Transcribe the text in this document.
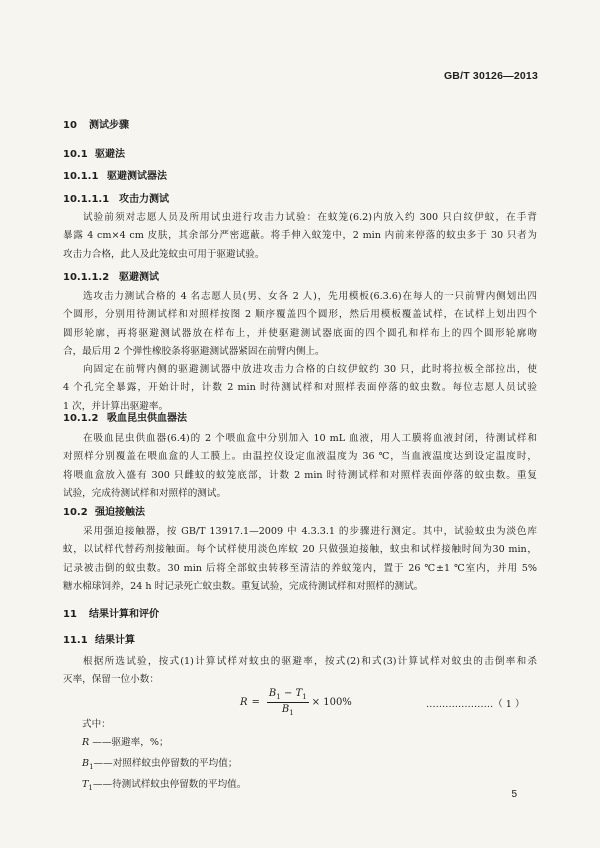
GB/T 30126—2013
10 测试步骤
10.1 驱避法
10.1.1 驱避测试器法
10.1.1.1 攻击力测试
试验前须对志愿人员及所用试虫进行攻击力试验：在蚊笼(6.2)内放入约 300 只白纹伊蚊，在手背
暴露 4 cm×4 cm 皮肤，其余部分严密遮蔽。将手伸入蚊笼中，2 min 内前来停落的蚊虫多于 30 只者为
攻击力合格，此人及此笼蚊虫可用于驱避试验。
10.1.1.2 驱避测试
选攻击力测试合格的 4 名志愿人员(男、女各 2 人)，先用模板(6.3.6)在每人的一只前臂内侧划出四
个圆形，分别用待测试样和对照样按图 2 顺序覆盖四个圆形，然后用模板覆盖试样，在试样上划出四个
圆形轮廓，再将驱避测试器放在样布上，并使驱避测试器底面的四个圆孔和样布上的四个圆形轮廓吻
合，最后用 2 个弹性橡胶条将驱避测试器紧固在前臂内侧上。
向固定在前臂内侧的驱避测试器中放进攻击力合格的白纹伊蚊约 30 只，此时将拉板全部拉出，使
4 个孔完全暴露，开始计时，计数 2 min 时待测试样和对照样表面停落的蚊虫数。每位志愿人员试验
1 次，并计算出驱避率。
10.1.2 吸血昆虫供血器法
在吸血昆虫供血器(6.4)的 2 个喂血盒中分别加入 10 mL 血液，用人工膜将血液封闭，待测试样和
对照样分别覆盖在喂血盒的人工膜上。由温控仪设定血液温度为 36 ℃，当血液温度达到设定温度时，
将喂血盒放入盛有 300 只雌蚊的蚊笼底部，计数 2 min 时待测试样和对照样表面停落的蚊虫数。重复
试验，完成待测试样和对照样的测试。
10.2 强迫接触法
采用强迫接触器，按 GB/T 13917.1—2009 中 4.3.3.1 的步骤进行测定。其中，试验蚊虫为淡色库
蚊，以试样代替药剂接触面。每个试样使用淡色库蚊 20 只做强迫接触，蚊虫和试样接触时间为30 min，
记录被击倒的蚊虫数。30 min 后将全部蚊虫转移至清洁的养蚊笼内，置于 26 ℃±1 ℃室内，并用 5%
糖水棉球饲养，24 h 时记录死亡蚊虫数。重复试验，完成待测试样和对照样的测试。
11 结果计算和评价
11.1 结果计算
根据所选试验，按式(1)计算试样对蚊虫的驱避率，按式(2)和式(3)计算试样对蚊虫的击倒率和杀
灭率，保留一位小数：
$R = \frac{B_1 - T_1}{B_1} \times 100\%$	…………………（ 1 ）
式中：
R ——驱避率，%；
$B_1——$对照样蚊虫停留数的平均值；
$T_1——$待测试样蚊虫停留数的平均值。
5
